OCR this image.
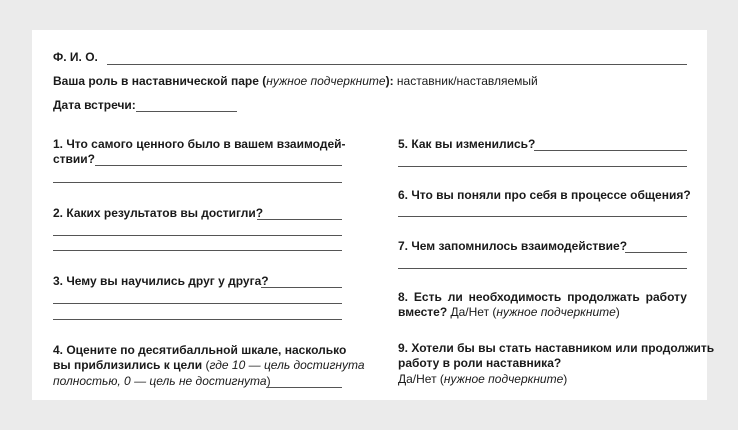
Ф. И. О.
Ваша роль в наставнической паре (нужное подчеркните): наставник/наставляемый
Дата встречи:
1. Что самого ценного было в вашем взаимодей-
ствии?
2. Каких результатов вы достигли?
3. Чему вы научились друг у друга?
4. Оцените по десятибалльной шкале, насколько
вы приблизились к цели (где 10 — цель достигнута
полностью, 0 — цель не достигнута)
5. Как вы изменились?
6. Что вы поняли про себя в процессе общения?
7. Чем запомнилось взаимодействие?
8. Есть ли необходимость продолжать работу
вместе? Да/Нет (нужное подчеркните)
9. Хотели бы вы стать наставником или продолжить
работу в роли наставника?
Да/Нет (нужное подчеркните)
